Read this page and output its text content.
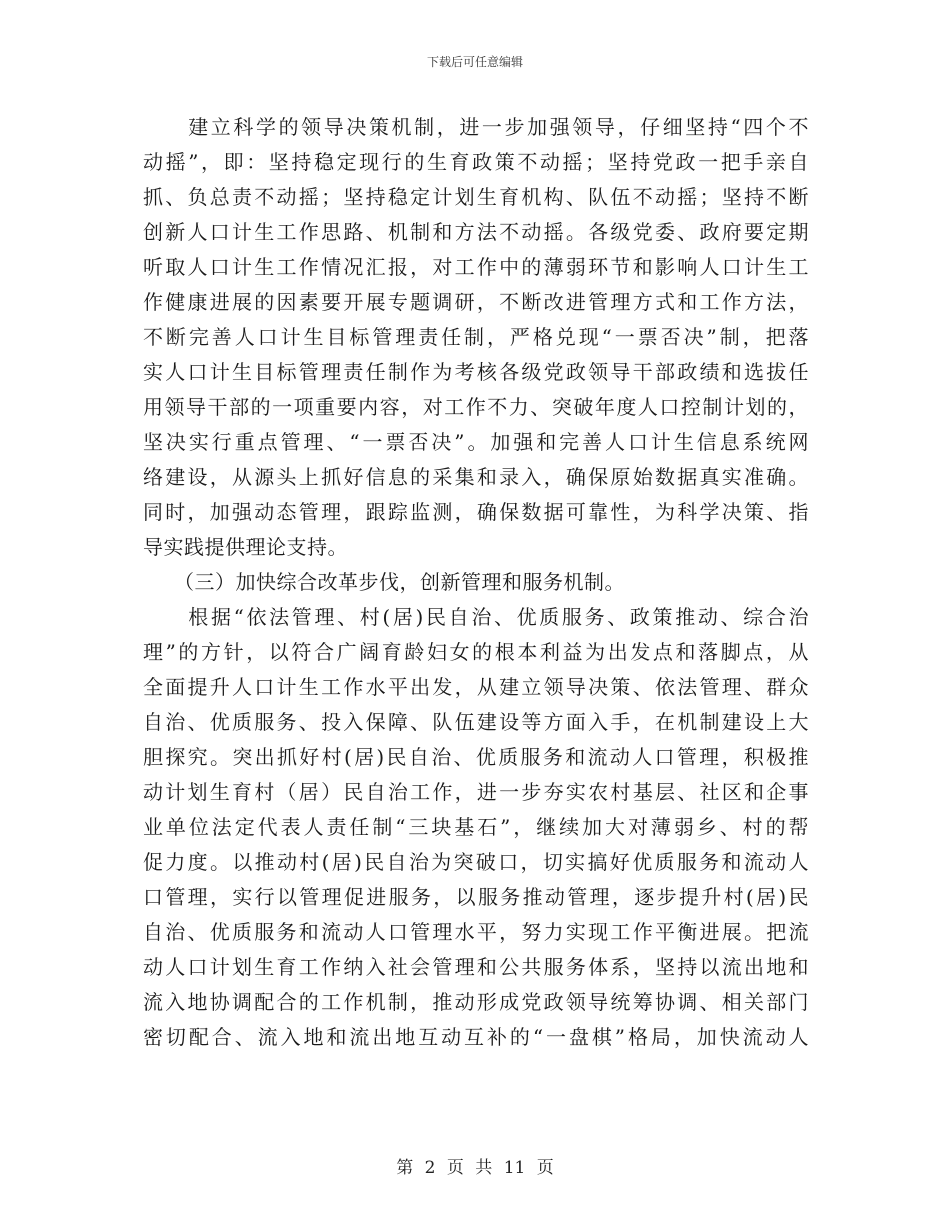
下载后可任意编辑
　　建立科学的领导决策机制，进一步加强领导，仔细坚持“四个不
动摇”，即：坚持稳定现行的生育政策不动摇；坚持党政一把手亲自
抓、负总责不动摇；坚持稳定计划生育机构、队伍不动摇；坚持不断
创新人口计生工作思路、机制和方法不动摇。各级党委、政府要定期
听取人口计生工作情况汇报，对工作中的薄弱环节和影响人口计生工
作健康进展的因素要开展专题调研，不断改进管理方式和工作方法，
不断完善人口计生目标管理责任制，严格兑现“一票否决”制，把落
实人口计生目标管理责任制作为考核各级党政领导干部政绩和选拔任
用领导干部的一项重要内容，对工作不力、突破年度人口控制计划的，
坚决实行重点管理、“一票否决”。加强和完善人口计生信息系统网
络建设，从源头上抓好信息的采集和录入，确保原始数据真实准确。
同时，加强动态管理，跟踪监测，确保数据可靠性，为科学决策、指
导实践提供理论支持。
　　（三）加快综合改革步伐，创新管理和服务机制。
　　根据“依法管理、村(居)民自治、优质服务、政策推动、综合治
理”的方针，以符合广阔育龄妇女的根本利益为出发点和落脚点，从
全面提升人口计生工作水平出发，从建立领导决策、依法管理、群众
自治、优质服务、投入保障、队伍建设等方面入手，在机制建设上大
胆探究。突出抓好村(居)民自治、优质服务和流动人口管理，积极推
动计划生育村（居）民自治工作，进一步夯实农村基层、社区和企事
业单位法定代表人责任制“三块基石”，继续加大对薄弱乡、村的帮
促力度。以推动村(居)民自治为突破口，切实搞好优质服务和流动人
口管理，实行以管理促进服务，以服务推动管理，逐步提升村(居)民
自治、优质服务和流动人口管理水平，努力实现工作平衡进展。把流
动人口计划生育工作纳入社会管理和公共服务体系，坚持以流出地和
流入地协调配合的工作机制，推动形成党政领导统筹协调、相关部门
密切配合、流入地和流出地互动互补的“一盘棋”格局，加快流动人
第 2 页 共 11 页
